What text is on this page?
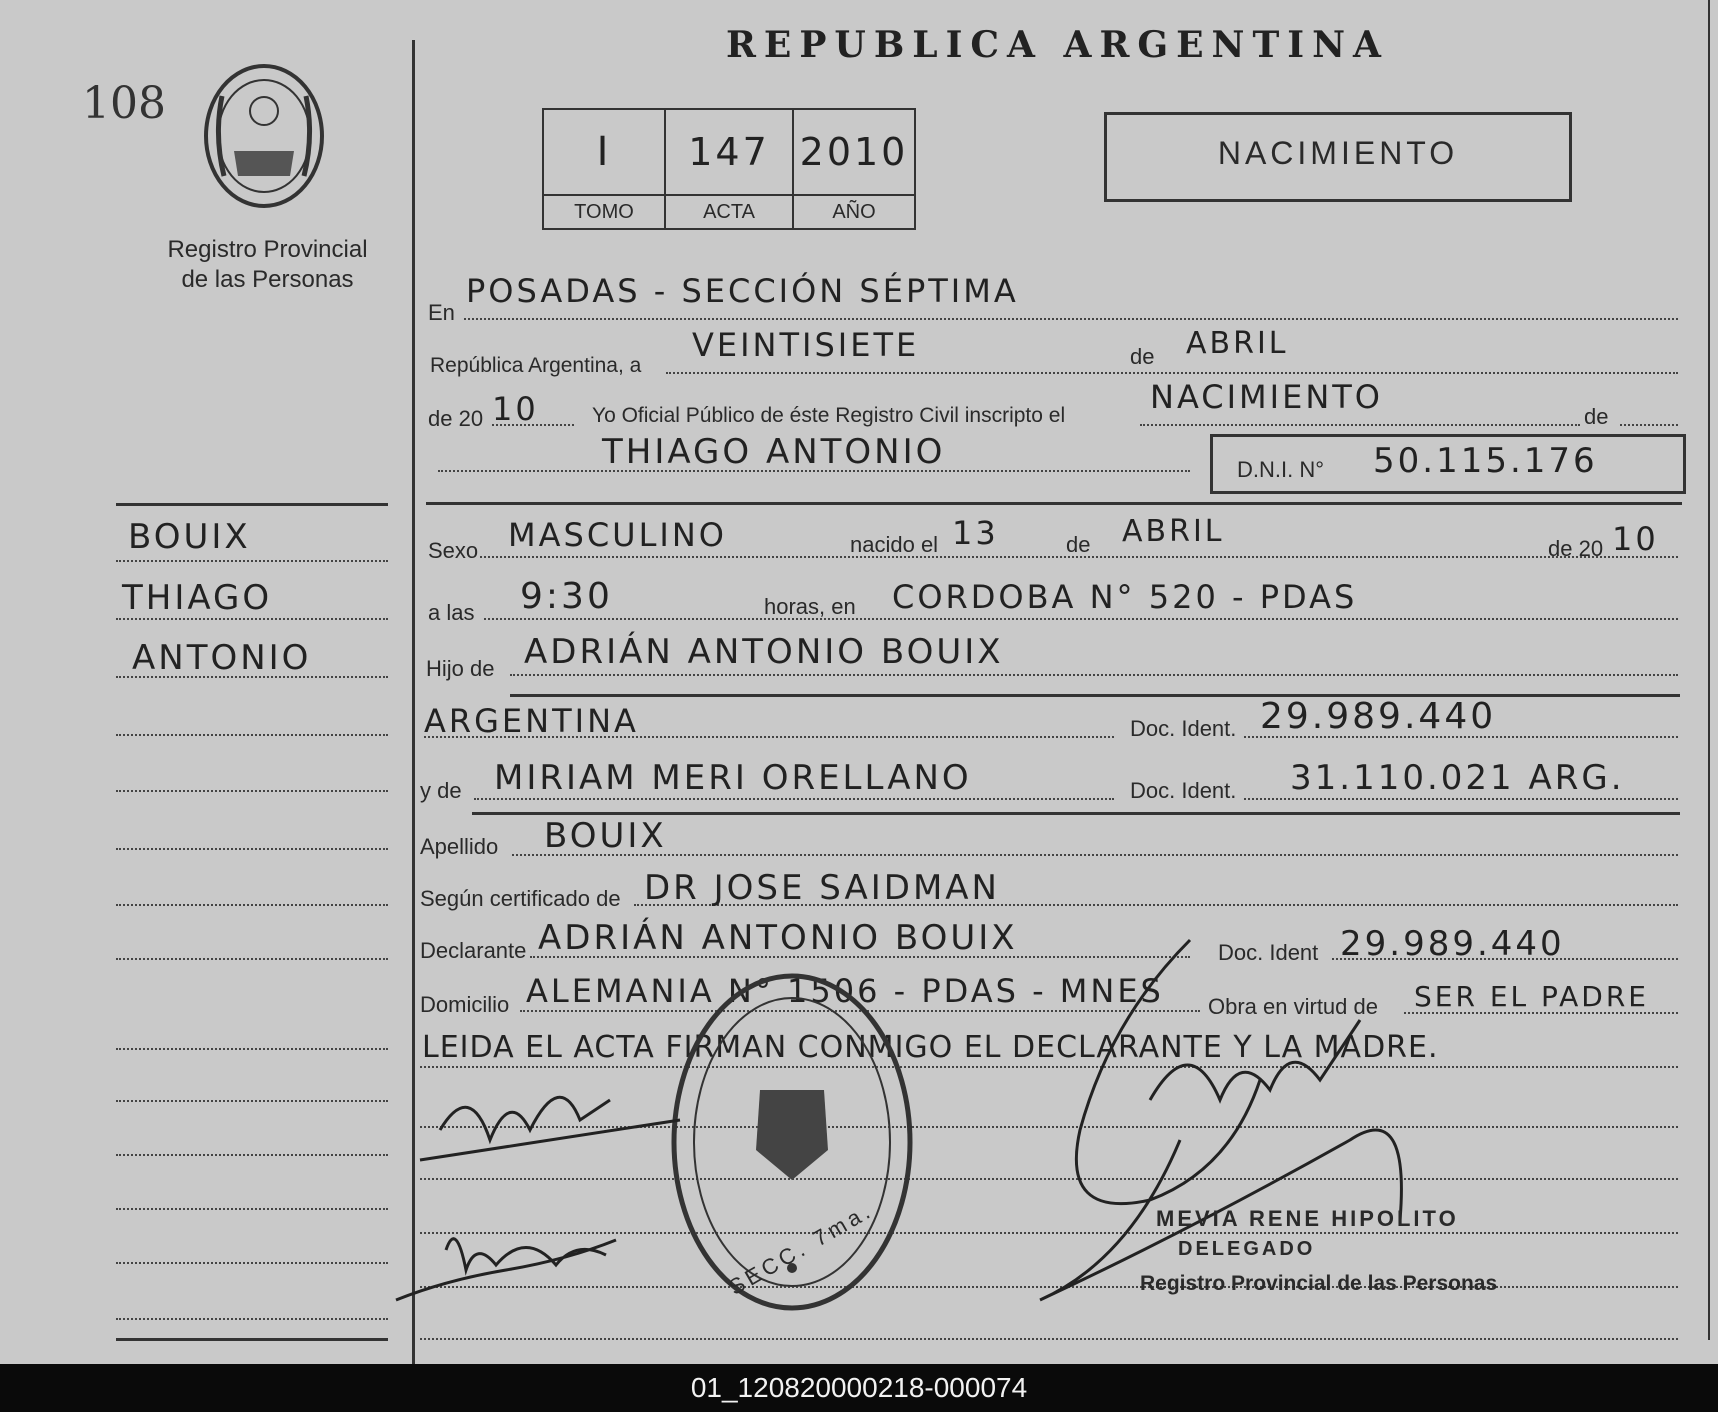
108
Registro Provincial
de las Personas
BOUIX
THIAGO
ANTONIO
REPUBLICA ARGENTINA
I	147	2010
TOMO	ACTA	AÑO
NACIMIENTO
En
POSADAS - SECCIÓN SÉPTIMA
República Argentina, a
VEINTISIETE	de ABRIL
de 20 10	Yo Oficial Público de éste Registro Civil inscripto el	NACIMIENTO
de
THIAGO ANTONIO	D.N.I. N° 50.115.176
Sexo MASCULINO	nacido el 13	de ABRIL	de 20 10
a las 9:30	horas, en CORDOBA N° 520 - PDAS
Hijo de ADRIÁN ANTONIO BOUIX
ARGENTINA	Doc. Ident. 29.989.440
y de MIRIAM MERI ORELLANO	Doc. Ident. 31.110.021 ARG.
Apellido BOUIX
Según certificado de DR JOSE SAIDMAN
Declarante ADRIÁN ANTONIO BOUIX	Doc. Ident 29.989.440
Domicilio ALEMANIA N° 1506 - PDAS - MNES Obra en virtud de SER EL PADRE
LEIDA EL ACTA FIRMAN CONMIGO EL DECLARANTE Y LA MADRE.
SECC. 7ma.	MEVIA RENE HIPOLITO
DELEGADO
Registro Provincial de las Personas
01_120820000218-000074
